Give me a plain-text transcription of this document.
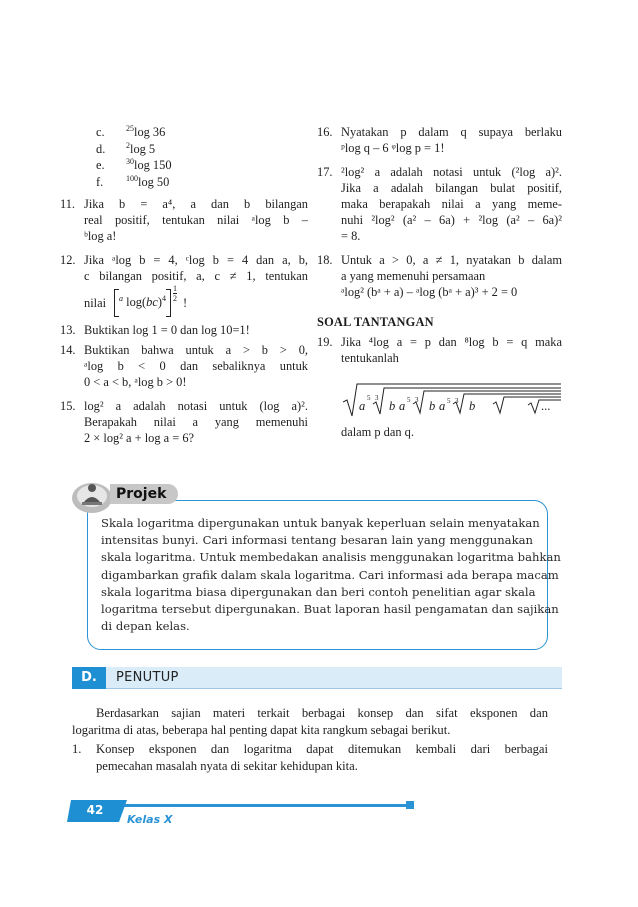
c.	$^{25}$log 36
d.	$^2$log 5
e.	$^{30}$log 150
f.	$^{100}$log 50
11. Jika b = a⁴, a dan b bilangan
real positif, tentukan nilai ᵃlog b –
ᵇlog a!
12. Jika ᵃlog b = 4, ᶜlog b = 4 dan a, b,
c bilangan positif, a, c ≠ 1, tentukan
nilai	$^a$ log(bc)$^4$
1
2 !
13. Buktikan log 1 = 0 dan log 10=1!
14. Buktikan bahwa untuk a > b > 0,
ᵃlog b < 0 dan sebaliknya untuk
0 < a < b, ᵃlog b > 0!
15. log² a adalah notasi untuk (log a)².
Berapakah nilai a yang memenuhi
2 × log² a + log a = 6?
16. Nyatakan p dalam q supaya berlaku
ᵖlog q – 6 ᵠlog p = 1!
17. ²log² a adalah notasi untuk (²log a)².
Jika a adalah bilangan bulat positif,
maka berapakah nilai a yang meme-
nuhi ²log² (a² – 6a) + ²log (a² – 6a)²
= 8.
18. Untuk a > 0, a ≠ 1, nyatakan b dalam
a yang memenuhi persamaan
ᵃlog² (bᵃ + a) – ᵃlog (bᵃ + a)³ + 2 = 0
SOAL TANTANGAN
19. Jika ⁴log a = p dan ⁸log b = q maka
tentukanlah
a
5 3
b a 5 3 b a 5 3 b	...
dalam p dan q.
Projek
Skala logaritma dipergunakan untuk banyak keperluan selain menyatakan
intensitas bunyi. Cari informasi tentang besaran lain yang menggunakan
skala logaritma. Untuk membedakan analisis menggunakan logaritma bahkan
digambarkan grafik dalam skala logaritma. Cari informasi ada berapa macam
skala logaritma biasa dipergunakan dan beri contoh penelitian agar skala
logaritma tersebut dipergunakan. Buat laporan hasil pengamatan dan sajikan
di depan kelas.
D.	PENUTUP
Berdasarkan sajian materi terkait berbagai konsep dan sifat eksponen dan
logaritma di atas, beberapa hal penting dapat kita rangkum sebagai berikut.
1. Konsep eksponen dan logaritma dapat ditemukan kembali dari berbagai
pemecahan masalah nyata di sekitar kehidupan kita.
42
Kelas X
